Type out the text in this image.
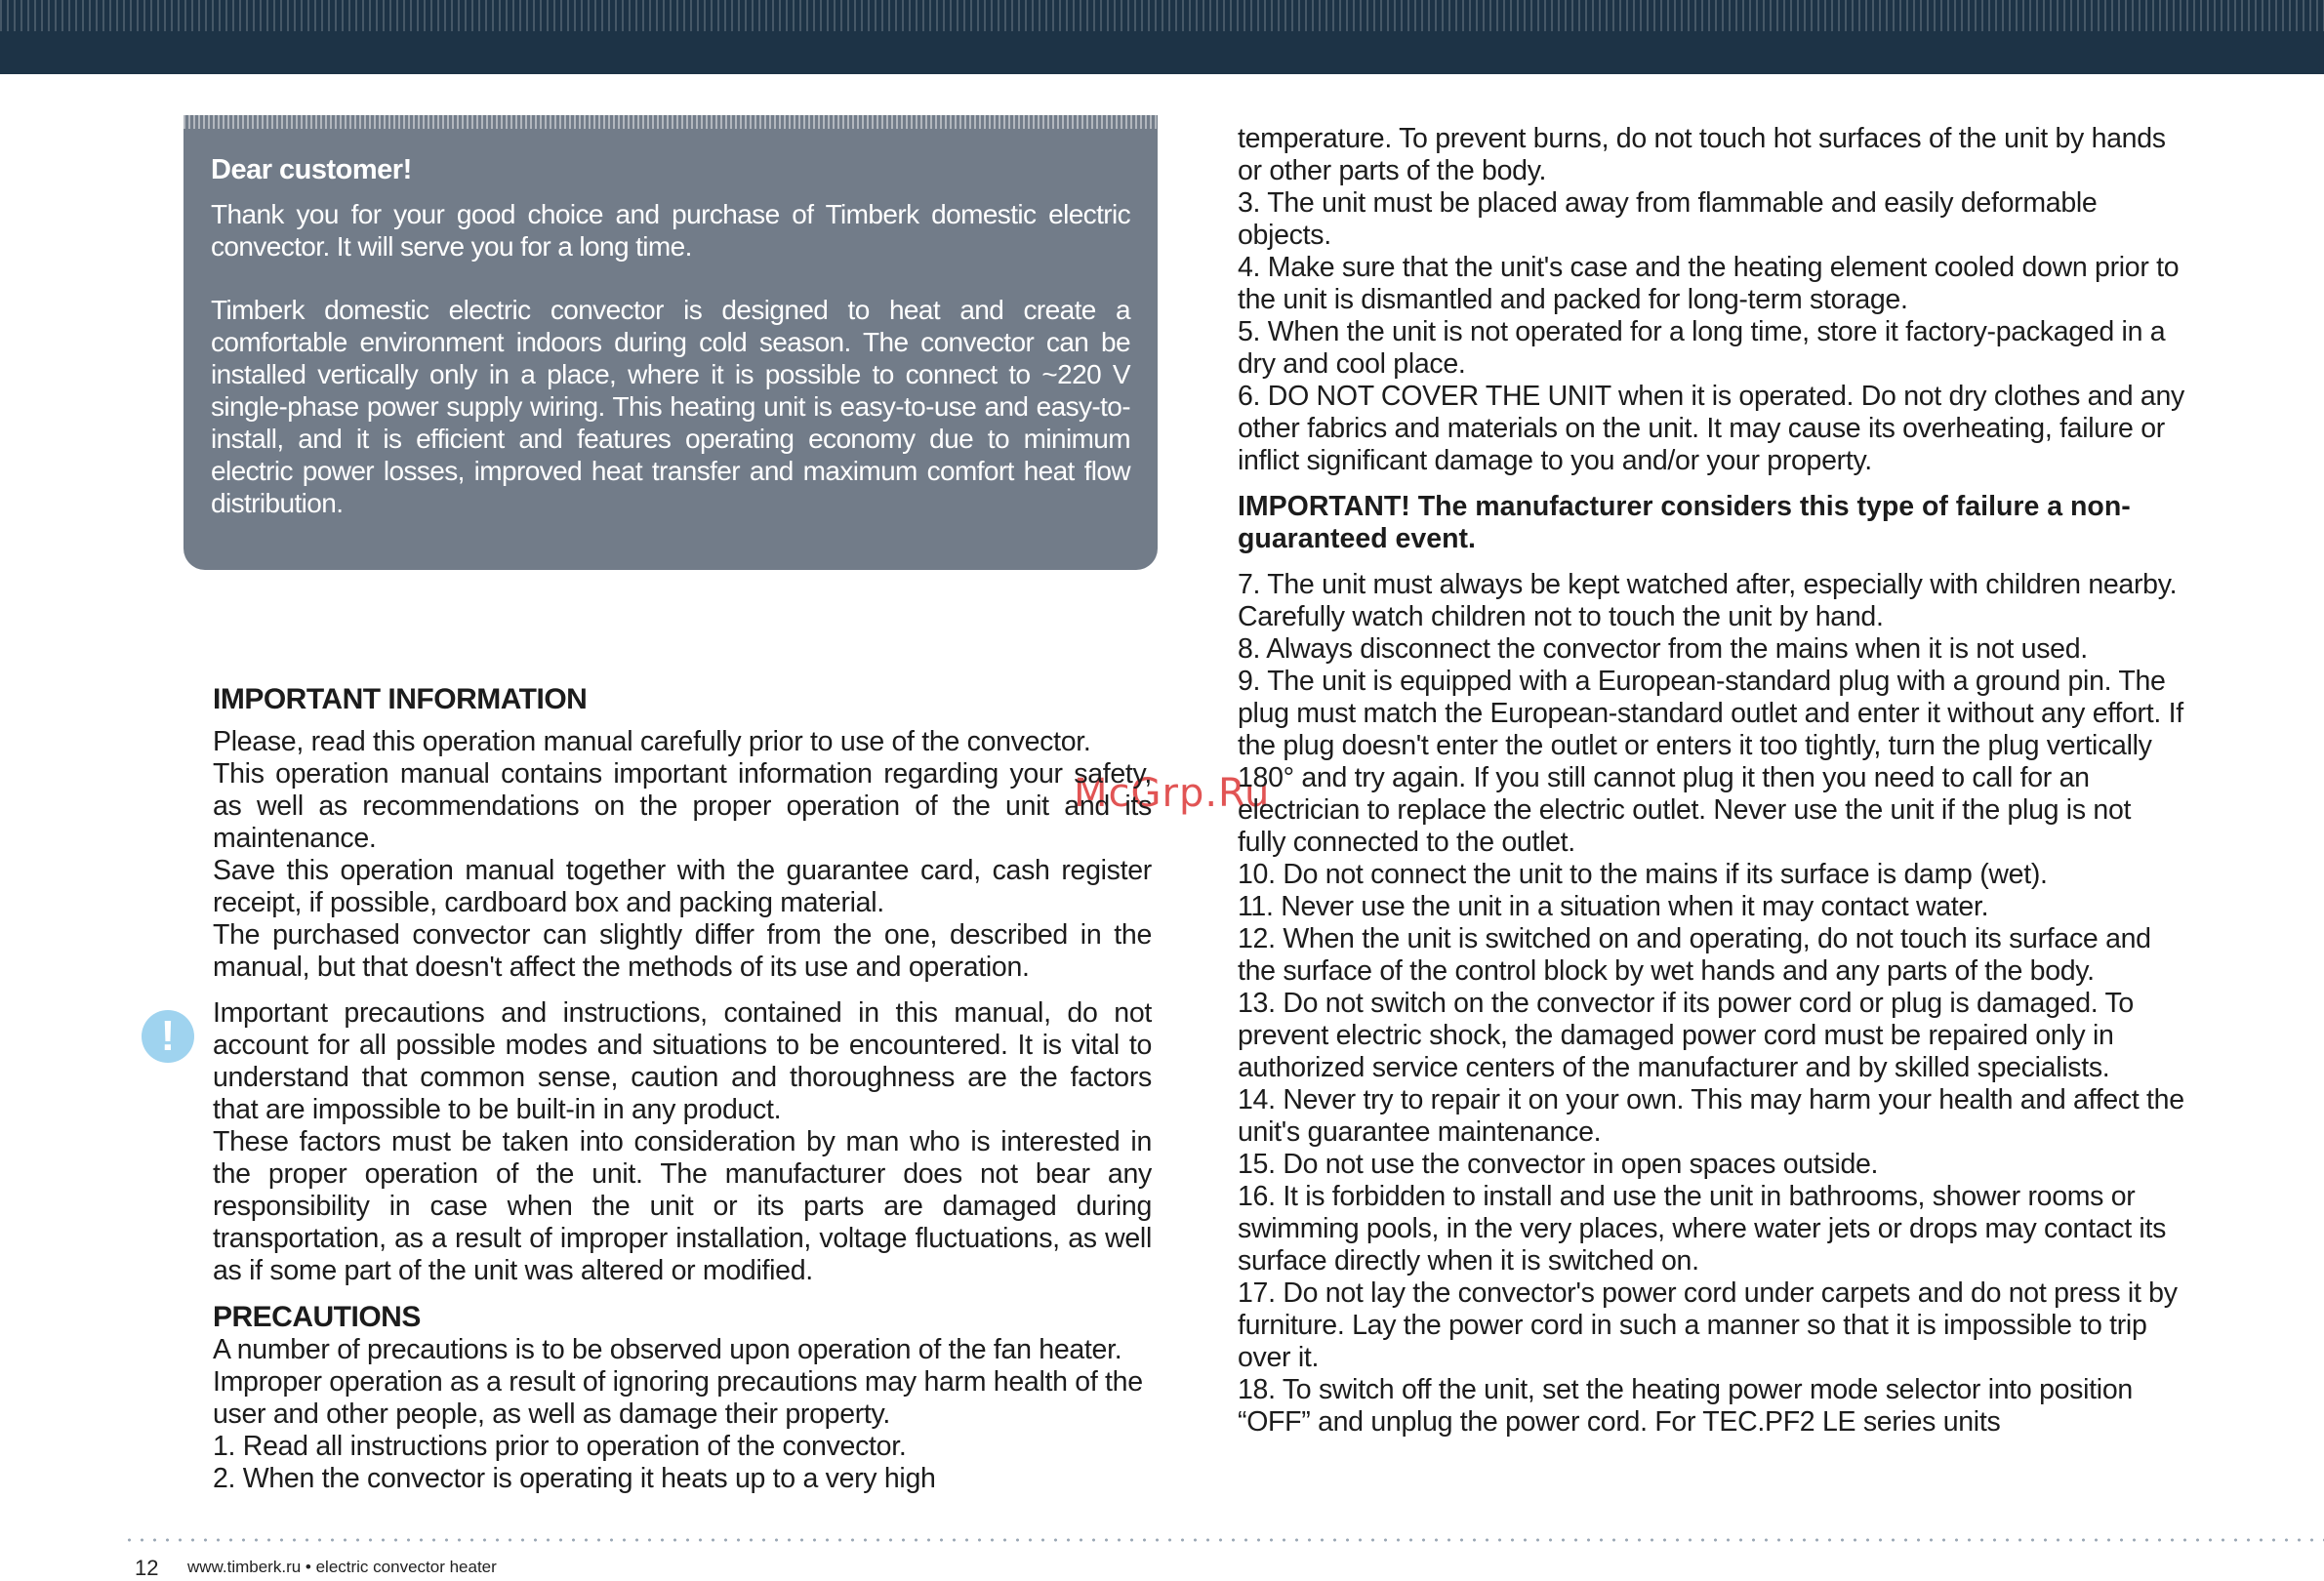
Dear customer!

Thank you for your good choice and purchase of Timberk domestic electric convector. It will serve you for a long time.

Timberk domestic electric convector is designed to heat and create a comfortable environment indoors during cold season. The convector can be installed vertically only in a place, where it is possible to connect to ~220 V single-phase power supply wiring. This heating unit is easy-to-use and easy-to-install, and it is efficient and features operating economy due to minimum electric power losses, improved heat transfer and maximum comfort heat flow distribution.

McGrp.Ru
!
IMPORTANT INFORMATION

Please, read this operation manual carefully prior to use of the convector.

This operation manual contains important information regarding your safety, as well as recommendations on the proper operation of the unit and its maintenance.

Save this operation manual together with the guarantee card, cash register receipt, if possible, cardboard box and packing material.

The purchased convector can slightly differ from the one, described in the manual, but that doesn't affect the methods of its use and operation.

Important precautions and instructions, contained in this manual, do not account for all possible modes and situations to be encountered. It is vital to understand that common sense, caution and thoroughness are the factors that are impossible to be built-in in any product.

These factors must be taken into consideration by man who is interested in the proper operation of the unit. The manufacturer does not bear any responsibility in case when the unit or its parts are damaged during transportation, as a result of improper installation, voltage fluctuations, as well as if some part of the unit was altered or modified.

PRECAUTIONS

A number of precautions is to be observed upon operation of the fan heater. Improper operation as a result of ignoring precautions may harm health of the user and other people, as well as damage their property.

1. Read all instructions prior to operation of the convector.

2. When the convector is operating it heats up to a very high

temperature. To prevent burns, do not touch hot surfaces of the unit by hands or other parts of the body.

3. The unit must be placed away from flammable and easily deformable objects.

4. Make sure that the unit's case and the heating element cooled down prior to the unit is dismantled and packed for long-term storage.

5. When the unit is not operated for a long time, store it factory-packaged in a dry and cool place.

6. DO NOT COVER THE UNIT when it is operated. Do not dry clothes and any other fabrics and materials on the unit. It may cause its overheating, failure or inflict significant damage to you and/or your property.

IMPORTANT! The manufacturer considers this type of failure a non-guaranteed event.

7. The unit must always be kept watched after, especially with children nearby. Carefully watch children not to touch the unit by hand.

8. Always disconnect the convector from the mains when it is not used.

9. The unit is equipped with a European-standard plug with a ground pin. The plug must match the European-standard outlet and enter it without any effort. If the plug doesn't enter the outlet or enters it too tightly, turn the plug vertically 180° and try again. If you still cannot plug it then you need to call for an electrician to replace the electric outlet. Never use the unit if the plug is not fully connected to the outlet.

10. Do not connect the unit to the mains if its surface is damp (wet).

11. Never use the unit in a situation when it may contact water.

12. When the unit is switched on and operating, do not touch its surface and the surface of the control block by wet hands and any parts of the body.

13. Do not switch on the convector if its power cord or plug is damaged. To prevent electric shock, the damaged power cord must be repaired only in authorized service centers of the manufacturer and by skilled specialists.

14. Never try to repair it on your own. This may harm your health and affect the unit's guarantee maintenance.

15. Do not use the convector in open spaces outside.

16. It is forbidden to install and use the unit in bathrooms, shower rooms or swimming pools, in the very places, where water jets or drops may contact its surface directly when it is switched on.

17. Do not lay the convector's power cord under carpets and do not press it by furniture. Lay the power cord in such a manner so that it is impossible to trip over it.

18. To switch off the unit, set the heating power mode selector into position “OFF” and unplug the power cord. For TEC.PF2 LE series units

12 www.timberk.ru • electric convector heater
